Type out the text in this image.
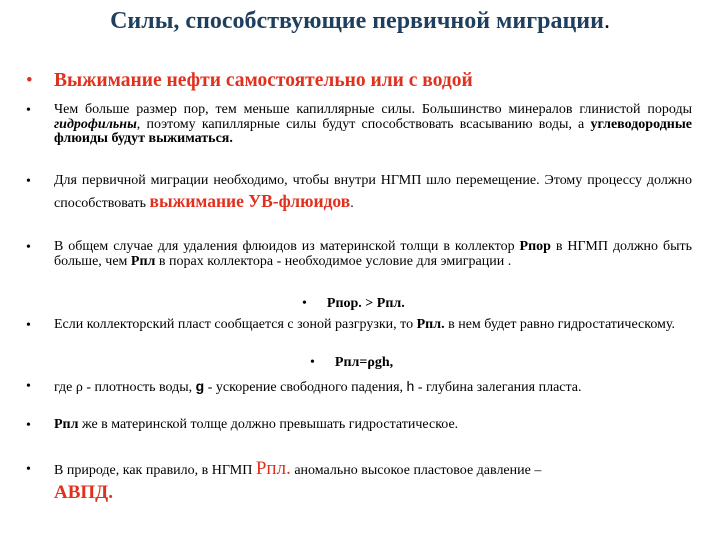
Силы, способствующие первичной миграции.
• Выжимание нефти самостоятельно или с водой
• Чем больше размер пор, тем меньше капиллярные силы. Большинство минералов глинистой породы гидрофильны, поэтому капиллярные силы будут способствовать всасыванию воды, а углеводородные флюиды будут выжиматься.
• Для первичной миграции необходимо, чтобы внутри НГМП шло перемещение. Этому процессу должно способствовать выжимание УВ-флюидов.
• В общем случае для удаления флюидов из материнской толщи в коллектор Рпор в НГМП должно быть больше, чем Рпл в порах коллектора - необходимое условие для эмиграции .
• Рпор. > Рпл.
• Если коллекторский пласт сообщается с зоной разгрузки, то Рпл. в нем будет равно гидростатическому.
• Рпл=ρgh,
• где ρ - плотность воды, g - ускорение свободного падения, h - глубина залегания пласта.
• Рпл же в материнской толще должно превышать гидростатическое.
• В природе, как правило, в НГМП Рпл. аномально высокое пластовое давление –
АВПД.
